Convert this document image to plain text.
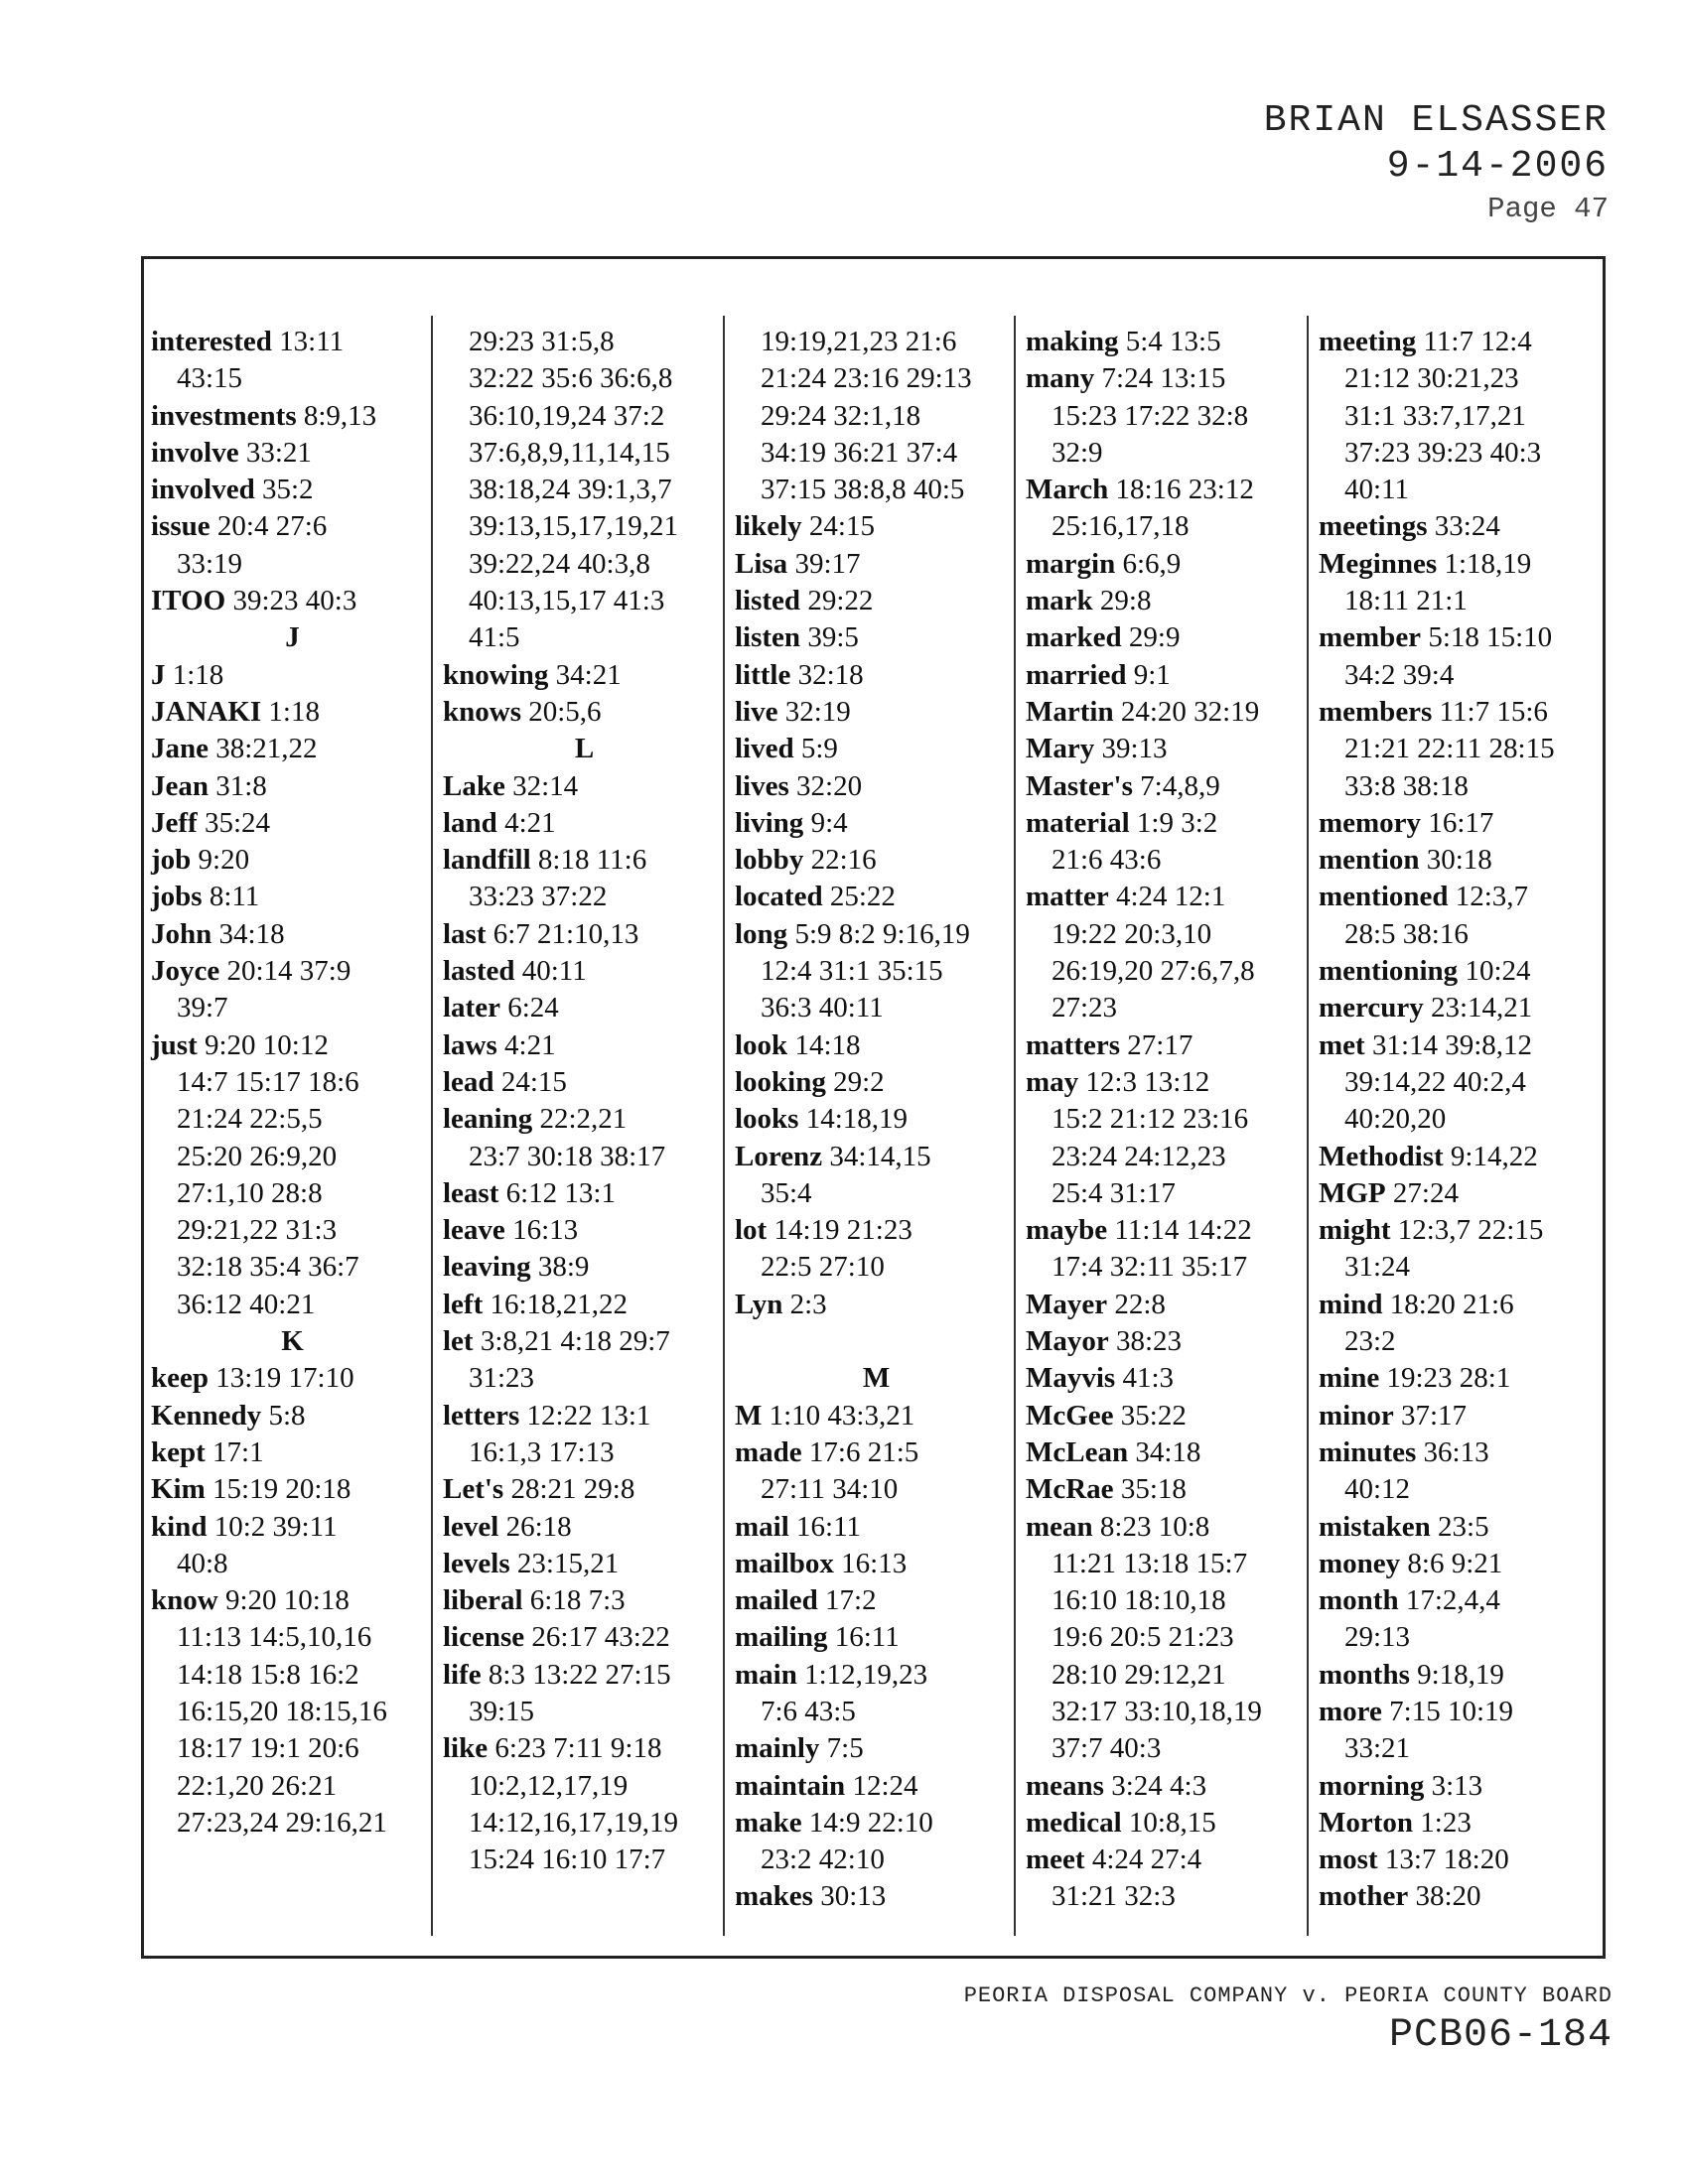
BRIAN ELSASSER
9-14-2006
Page 47
interested 13:11
43:15
investments 8:9,13
involve 33:21
involved 35:2
issue 20:4 27:6
33:19
ITOO 39:23 40:3
J
J 1:18
JANAKI 1:18
Jane 38:21,22
Jean 31:8
Jeff 35:24
job 9:20
jobs 8:11
John 34:18
Joyce 20:14 37:9
39:7
just 9:20 10:12
14:7 15:17 18:6
21:24 22:5,5
25:20 26:9,20
27:1,10 28:8
29:21,22 31:3
32:18 35:4 36:7
36:12 40:21
K
keep 13:19 17:10
Kennedy 5:8
kept 17:1
Kim 15:19 20:18
kind 10:2 39:11
40:8
know 9:20 10:18
11:13 14:5,10,16
14:18 15:8 16:2
16:15,20 18:15,16
18:17 19:1 20:6
22:1,20 26:21
27:23,24 29:16,21
29:23 31:5,8
32:22 35:6 36:6,8
36:10,19,24 37:2
37:6,8,9,11,14,15
38:18,24 39:1,3,7
39:13,15,17,19,21
39:22,24 40:3,8
40:13,15,17 41:3
41:5
knowing 34:21
knows 20:5,6
L
Lake 32:14
land 4:21
landfill 8:18 11:6
33:23 37:22
last 6:7 21:10,13
lasted 40:11
later 6:24
laws 4:21
lead 24:15
leaning 22:2,21
23:7 30:18 38:17
least 6:12 13:1
leave 16:13
leaving 38:9
left 16:18,21,22
let 3:8,21 4:18 29:7
31:23
letters 12:22 13:1
16:1,3 17:13
Let's 28:21 29:8
level 26:18
levels 23:15,21
liberal 6:18 7:3
license 26:17 43:22
life 8:3 13:22 27:15
39:15
like 6:23 7:11 9:18
10:2,12,17,19
14:12,16,17,19,19
15:24 16:10 17:7
19:19,21,23 21:6
21:24 23:16 29:13
29:24 32:1,18
34:19 36:21 37:4
37:15 38:8,8 40:5
likely 24:15
Lisa 39:17
listed 29:22
listen 39:5
little 32:18
live 32:19
lived 5:9
lives 32:20
living 9:4
lobby 22:16
located 25:22
long 5:9 8:2 9:16,19
12:4 31:1 35:15
36:3 40:11
look 14:18
looking 29:2
looks 14:18,19
Lorenz 34:14,15
35:4
lot 14:19 21:23
22:5 27:10
Lyn 2:3
M
M 1:10 43:3,21
made 17:6 21:5
27:11 34:10
mail 16:11
mailbox 16:13
mailed 17:2
mailing 16:11
main 1:12,19,23
7:6 43:5
mainly 7:5
maintain 12:24
make 14:9 22:10
23:2 42:10
makes 30:13
making 5:4 13:5
many 7:24 13:15
15:23 17:22 32:8
32:9
March 18:16 23:12
25:16,17,18
margin 6:6,9
mark 29:8
marked 29:9
married 9:1
Martin 24:20 32:19
Mary 39:13
Master's 7:4,8,9
material 1:9 3:2
21:6 43:6
matter 4:24 12:1
19:22 20:3,10
26:19,20 27:6,7,8
27:23
matters 27:17
may 12:3 13:12
15:2 21:12 23:16
23:24 24:12,23
25:4 31:17
maybe 11:14 14:22
17:4 32:11 35:17
Mayer 22:8
Mayor 38:23
Mayvis 41:3
McGee 35:22
McLean 34:18
McRae 35:18
mean 8:23 10:8
11:21 13:18 15:7
16:10 18:10,18
19:6 20:5 21:23
28:10 29:12,21
32:17 33:10,18,19
37:7 40:3
means 3:24 4:3
medical 10:8,15
meet 4:24 27:4
31:21 32:3
meeting 11:7 12:4
21:12 30:21,23
31:1 33:7,17,21
37:23 39:23 40:3
40:11
meetings 33:24
Meginnes 1:18,19
18:11 21:1
member 5:18 15:10
34:2 39:4
members 11:7 15:6
21:21 22:11 28:15
33:8 38:18
memory 16:17
mention 30:18
mentioned 12:3,7
28:5 38:16
mentioning 10:24
mercury 23:14,21
met 31:14 39:8,12
39:14,22 40:2,4
40:20,20
Methodist 9:14,22
MGP 27:24
might 12:3,7 22:15
31:24
mind 18:20 21:6
23:2
mine 19:23 28:1
minor 37:17
minutes 36:13
40:12
mistaken 23:5
money 8:6 9:21
month 17:2,4,4
29:13
months 9:18,19
more 7:15 10:19
33:21
morning 3:13
Morton 1:23
most 13:7 18:20
mother 38:20
PEORIA DISPOSAL COMPANY v. PEORIA COUNTY BOARD
PCB06-184
